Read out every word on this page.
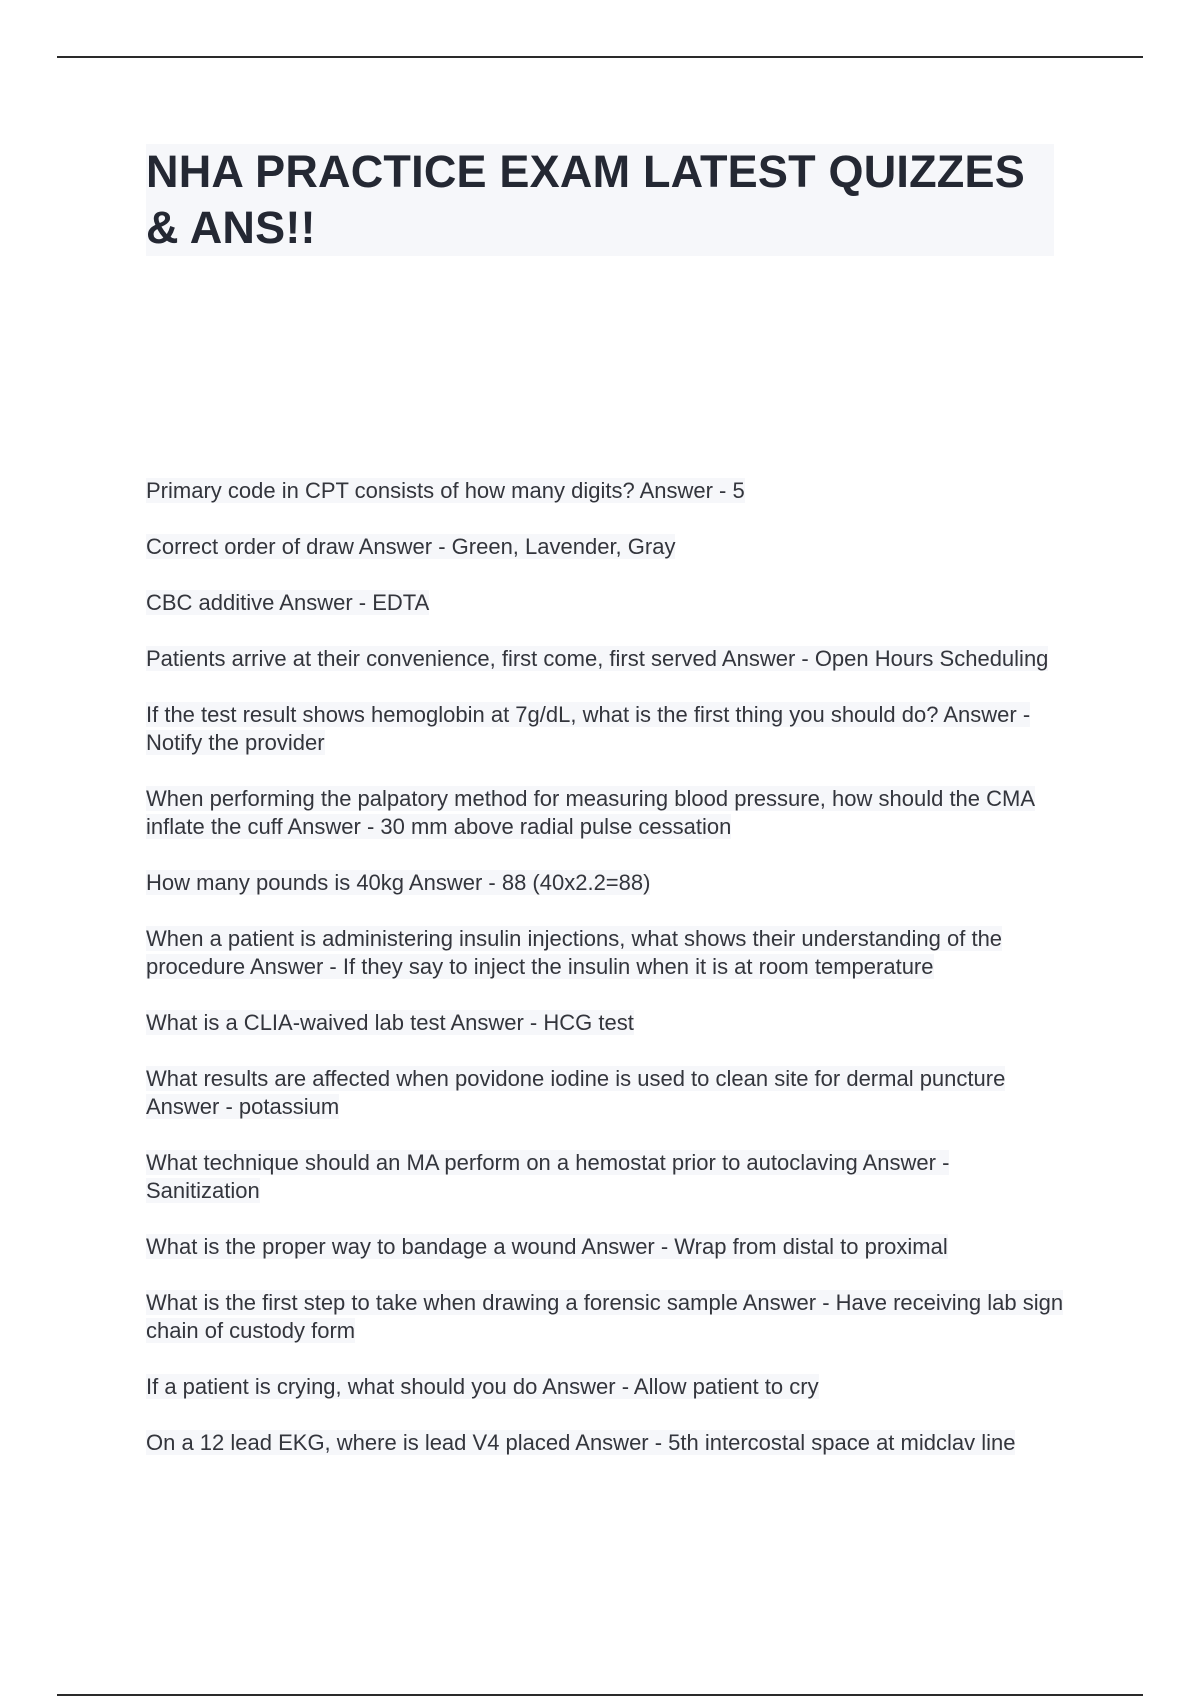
NHA PRACTICE EXAM LATEST QUIZZES & ANS!!
Primary code in CPT consists of how many digits? Answer - 5
Correct order of draw Answer - Green, Lavender, Gray
CBC additive Answer - EDTA
Patients arrive at their convenience, first come, first served Answer - Open Hours Scheduling
If the test result shows hemoglobin at 7g/dL, what is the first thing you should do? Answer - Notify the provider
When performing the palpatory method for measuring blood pressure, how should the CMA inflate the cuff Answer - 30 mm above radial pulse cessation
How many pounds is 40kg Answer - 88 (40x2.2=88)
When a patient is administering insulin injections, what shows their understanding of the procedure Answer - If they say to inject the insulin when it is at room temperature
What is a CLIA-waived lab test Answer - HCG test
What results are affected when povidone iodine is used to clean site for dermal puncture Answer - potassium
What technique should an MA perform on a hemostat prior to autoclaving Answer - Sanitization
What is the proper way to bandage a wound Answer - Wrap from distal to proximal
What is the first step to take when drawing a forensic sample Answer - Have receiving lab sign chain of custody form
If a patient is crying, what should you do Answer - Allow patient to cry
On a 12 lead EKG, where is lead V4 placed Answer - 5th intercostal space at midclav line
